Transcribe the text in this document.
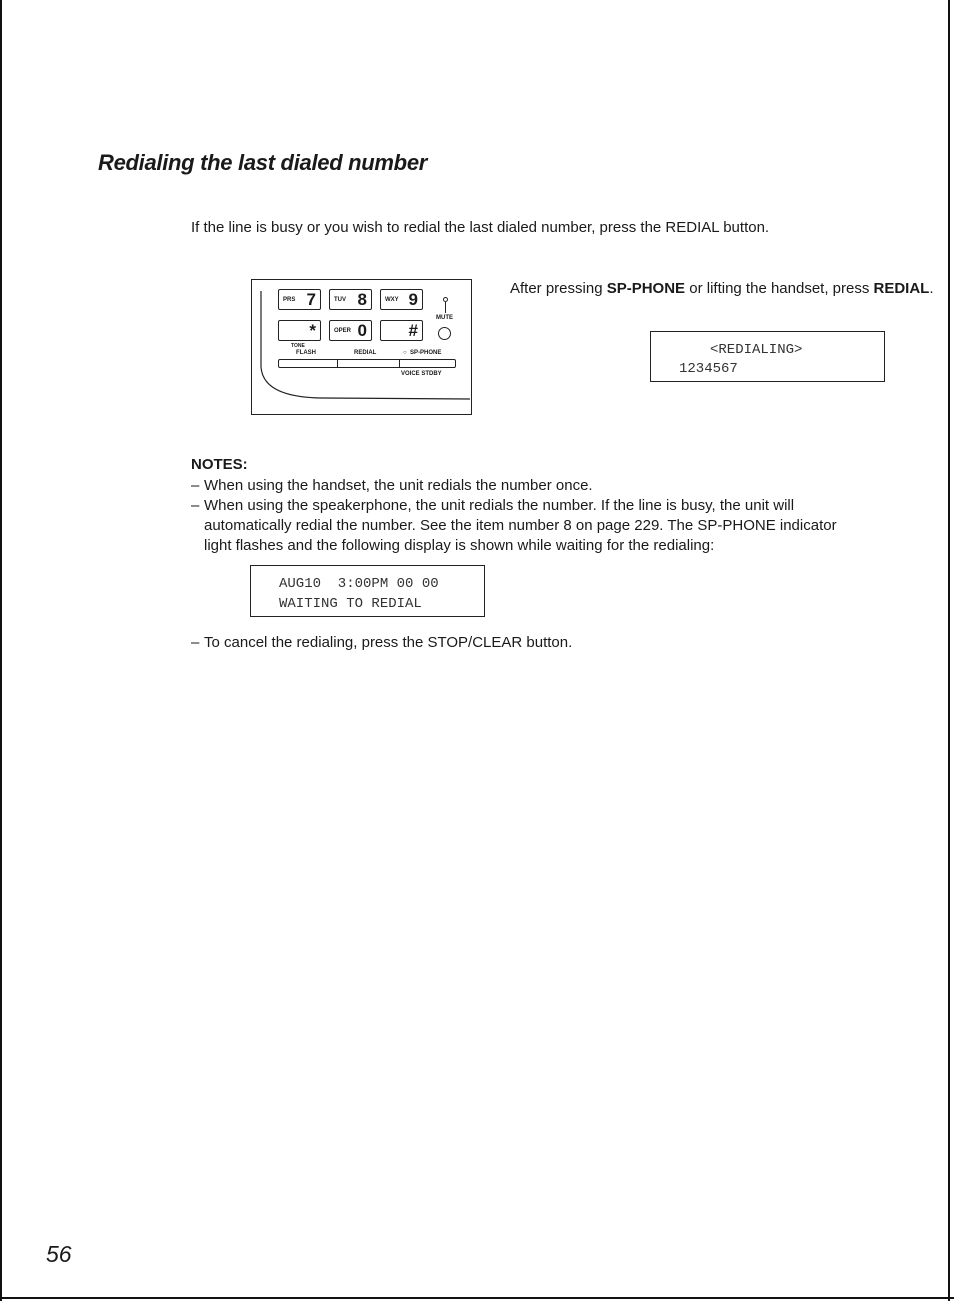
Redialing the last dialed number

If the line is busy or you wish to redial the last dialed number, press the REDIAL button.

PRS 7	TUV 8	WXY 9
*	OPER 0 #
MUTE
TONE
FLASH	REDIAL	○ SP-PHONE
VOICE STDBY

After pressing SP-PHONE or lifting the handset, press REDIAL.

<REDIALING>
1234567

NOTES:

– When using the handset, the unit redials the number once.
– When using the speakerphone, the unit redials the number. If the line is busy, the unit will automatically redial the number. See the item number 8 on page 229. The SP-PHONE indicator light flashes and the following display is shown while waiting for the redialing:
AUG10  3:00PM 00 00
WAITING TO REDIAL
– To cancel the redialing, press the STOP/CLEAR button.
56
